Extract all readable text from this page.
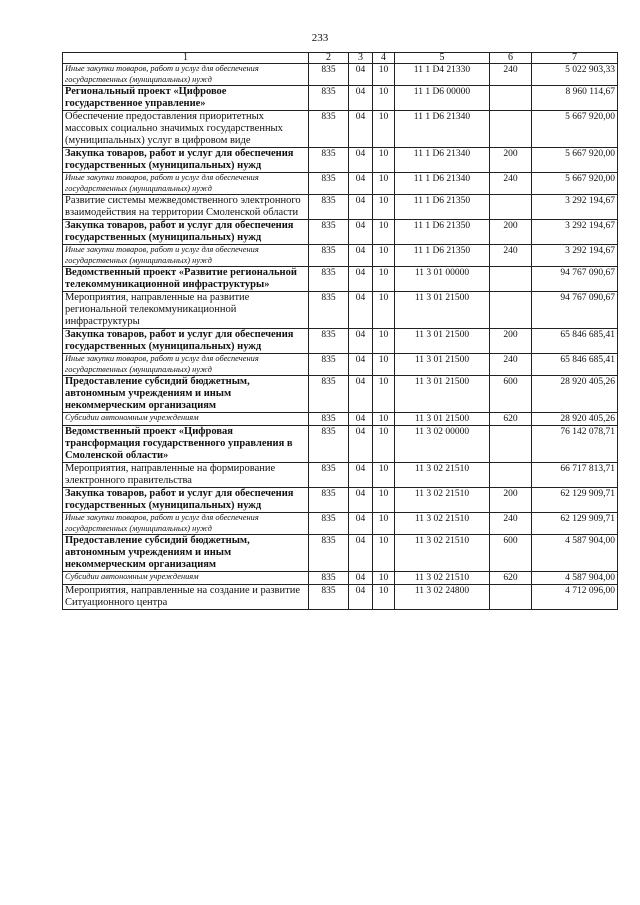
233
1	2	3	4	5	6	7
Иные закупки товаров, работ и услуг для обеспечения государственных (муниципальных) нужд	835	04	10	11 1 D4 21330	240	5 022 903,33
Региональный проект «Цифровое государственное управление»	835	04	10	11 1 D6 00000		8 960 114,67
Обеспечение предоставления приоритетных массовых социально значимых государственных (муниципальных) услуг в цифровом виде	835	04	10	11 1 D6 21340		5 667 920,00
Закупка товаров, работ и услуг для обеспечения государственных (муниципальных) нужд	835	04	10	11 1 D6 21340	200	5 667 920,00
Иные закупки товаров, работ и услуг для обеспечения государственных (муниципальных) нужд	835	04	10	11 1 D6 21340	240	5 667 920,00
Развитие системы межведомственного электронного взаимодействия на территории Смоленской области	835	04	10	11 1 D6 21350		3 292 194,67
Закупка товаров, работ и услуг для обеспечения государственных (муниципальных) нужд	835	04	10	11 1 D6 21350	200	3 292 194,67
Иные закупки товаров, работ и услуг для обеспечения государственных (муниципальных) нужд	835	04	10	11 1 D6 21350	240	3 292 194,67
Ведомственный проект «Развитие региональной телекоммуникационной инфраструктуры»	835	04	10	11 3 01 00000		94 767 090,67
Мероприятия, направленные на развитие региональной телекоммуникационной инфраструктуры	835	04	10	11 3 01 21500		94 767 090,67
Закупка товаров, работ и услуг для обеспечения государственных (муниципальных) нужд	835	04	10	11 3 01 21500	200	65 846 685,41
Иные закупки товаров, работ и услуг для обеспечения государственных (муниципальных) нужд	835	04	10	11 3 01 21500	240	65 846 685,41
Предоставление субсидий бюджетным, автономным учреждениям и иным некоммерческим организациям	835	04	10	11 3 01 21500	600	28 920 405,26
Субсидии автономным учреждениям	835	04	10	11 3 01 21500	620	28 920 405,26
Ведомственный проект «Цифровая трансформация государственного управления в Смоленской области»	835	04	10	11 3 02 00000		76 142 078,71
Мероприятия, направленные на формирование электронного правительства	835	04	10	11 3 02 21510		66 717 813,71
Закупка товаров, работ и услуг для обеспечения государственных (муниципальных) нужд	835	04	10	11 3 02 21510	200	62 129 909,71
Иные закупки товаров, работ и услуг для обеспечения государственных (муниципальных) нужд	835	04	10	11 3 02 21510	240	62 129 909,71
Предоставление субсидий бюджетным, автономным учреждениям и иным некоммерческим организациям	835	04	10	11 3 02 21510	600	4 587 904,00
Субсидии автономным учреждениям	835	04	10	11 3 02 21510	620	4 587 904,00
Мероприятия, направленные на создание и развитие Ситуационного центра	835	04	10	11 3 02 24800		4 712 096,00
